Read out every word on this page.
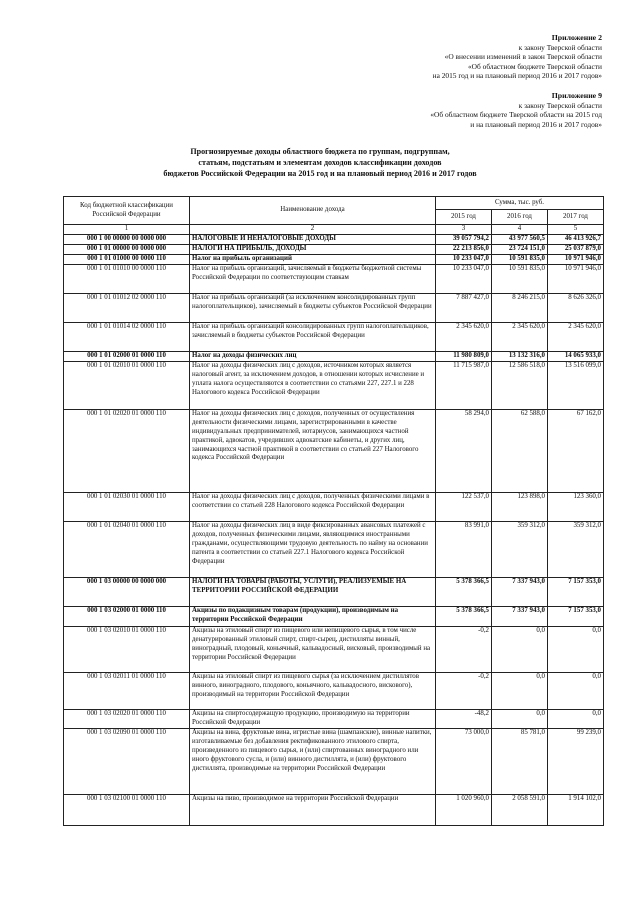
Приложение 2
к закону Тверской области
«О внесении изменений в закон Тверской области
«Об областном бюджете Тверской области
на 2015 год и на плановый период 2016 и 2017 годов»
Приложение 9
к закону Тверской области
«Об областном бюджете Тверской области на 2015 год
и на плановый период 2016 и 2017 годов»
Прогнозируемые доходы областного бюджета по группам, подгруппам,
статьям, подстатьям и элементам доходов классификации доходов
бюджетов Российской Федерации на 2015 год и на плановый период 2016 и 2017 годов
Код бюджетной классификации Российской Федерации	Наименование дохода	Сумма, тыс. руб.		
		2015 год	2016 год	2017 год
1	2	3	4	5
000 1 00 00000 00 0000 000	НАЛОГОВЫЕ И НЕНАЛОГОВЫЕ ДОХОДЫ	39 057 794,2	43 977 560,5	46 413 926,7
000 1 01 00000 00 0000 000	НАЛОГИ НА ПРИБЫЛЬ, ДОХОДЫ	22 213 856,0	23 724 151,0	25 037 879,0
000 1 01 01000 00 0000 110	Налог на прибыль организаций	10 233 047,0	10 591 835,0	10 971 946,0
000 1 01 01010 00 0000 110	Налог на прибыль организаций, зачисляемый в бюджеты бюджетной системы Российской Федерации по соответствующим ставкам	10 233 047,0	10 591 835,0	10 971 946,0
000 1 01 01012 02 0000 110	Налог на прибыль организаций (за исключением консолидированных групп налогоплательщиков), зачисляемый в бюджеты субъектов Российской Федерации	7 887 427,0	8 246 215,0	8 626 326,0
000 1 01 01014 02 0000 110	Налог на прибыль организаций консолидированных групп налогоплательщиков, зачисляемый в бюджеты субъектов Российской Федерации	2 345 620,0	2 345 620,0	2 345 620,0
000 1 01 02000 01 0000 110	Налог на доходы физических лиц	11 980 809,0	13 132 316,0	14 065 933,0
000 1 01 02010 01 0000 110	Налог на доходы физических лиц с доходов, источником которых является налоговый агент, за исключением доходов, в отношении которых исчисление и уплата налога осуществляются в соответствии со статьями 227, 227.1 и 228 Налогового кодекса Российской Федерации	11 715 987,0	12 586 518,0	13 516 099,0
000 1 01 02020 01 0000 110	Налог на доходы физических лиц с доходов, полученных от осуществления деятельности физическими лицами, зарегистрированными в качестве индивидуальных предпринимателей, нотариусов, занимающихся частной практикой, адвокатов, учредивших адвокатские кабинеты, и других лиц, занимающихся частной практикой в соответствии со статьей 227 Налогового кодекса Российской Федерации	58 294,0	62 588,0	67 162,0
000 1 01 02030 01 0000 110	Налог на доходы физических лиц с доходов, полученных физическими лицами в соответствии со статьей 228 Налогового кодекса Российской Федерации	122 537,0	123 898,0	123 360,0
000 1 01 02040 01 0000 110	Налог на доходы физических лиц в виде фиксированных авансовых платежей с доходов, полученных физическими лицами, являющимися иностранными гражданами, осуществляющими трудовую деятельность по найму на основании патента в соответствии со статьей 227.1 Налогового кодекса Российской Федерации	83 991,0	359 312,0	359 312,0
000 1 03 00000 00 0000 000	НАЛОГИ НА ТОВАРЫ (РАБОТЫ, УСЛУГИ), РЕАЛИЗУЕМЫЕ НА ТЕРРИТОРИИ РОССИЙСКОЙ ФЕДЕРАЦИИ	5 378 366,5	7 337 943,0	7 157 353,0
000 1 03 02000 01 0000 110	Акцизы по подакцизным товарам (продукции), производимым на территории Российской Федерации	5 378 366,5	7 337 943,0	7 157 353,0
000 1 03 02010 01 0000 110	Акцизы на этиловый спирт из пищевого или непищевого сырья, в том числе денатурированный этиловый спирт, спирт-сырец, дистилляты винный, виноградный, плодовый, коньячный, кальвадосный, висковый, производимый на территории Российской Федерации	-0,2	0,0	0,0
000 1 03 02011 01 0000 110	Акцизы на этиловый спирт из пищевого сырья (за исключением дистиллятов винного, виноградного, плодового, коньячного, кальвадосного, вискового), производимый на территории Российской Федерации	-0,2	0,0	0,0
000 1 03 02020 01 0000 110	Акцизы на спиртосодержащую продукцию, производимую на территории Российской Федерации	-48,2	0,0	0,0
000 1 03 02090 01 0000 110	Акцизы на вина, фруктовые вина, игристые вина (шампанские), винные напитки, изготавливаемые без добавления ректификованного этилового спирта, произведенного из пищевого сырья, и (или) спиртованных виноградного или иного фруктового сусла, и (или) винного дистиллята, и (или) фруктового дистиллята, производимые на территории Российской Федерации	73 000,0	85 781,0	99 239,0
000 1 03 02100 01 0000 110	Акцизы на пиво, производимое на территории Российской Федерации	1 020 960,0	2 058 591,0	1 914 102,0
